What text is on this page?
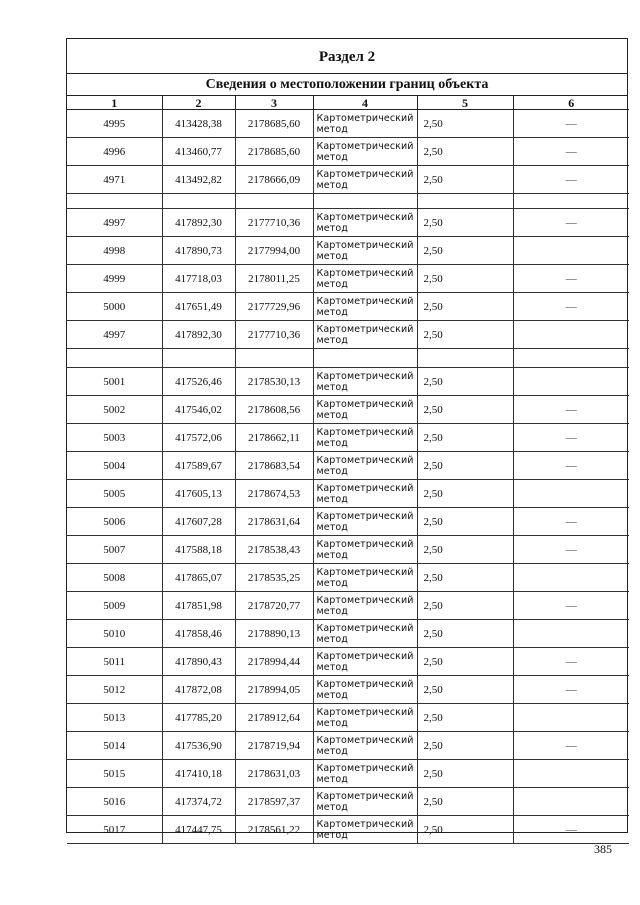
Раздел 2
Сведения о местоположении границ объекта
1	2	3	4	5	6
4995	413428,38	2178685,60	Картометрический метод	2,50	—
4996	413460,77	2178685,60	Картометрический метод	2,50	—
4971	413492,82	2178666,09	Картометрический метод	2,50	—

4997	417892,30	2177710,36	Картометрический метод	2,50	—
4998	417890,73	2177994,00	Картометрический метод	2,50	
4999	417718,03	2178011,25	Картометрический метод	2,50	—
5000	417651,49	2177729,96	Картометрический метод	2,50	—
4997	417892,30	2177710,36	Картометрический метод	2,50	

5001	417526,46	2178530,13	Картометрический метод	2,50	
5002	417546,02	2178608,56	Картометрический метод	2,50	—
5003	417572,06	2178662,11	Картометрический метод	2,50	—
5004	417589,67	2178683,54	Картометрический метод	2,50	—
5005	417605,13	2178674,53	Картометрический метод	2,50	
5006	417607,28	2178631,64	Картометрический метод	2,50	—
5007	417588,18	2178538,43	Картометрический метод	2,50	—
5008	417865,07	2178535,25	Картометрический метод	2,50	
5009	417851,98	2178720,77	Картометрический метод	2,50	—
5010	417858,46	2178890,13	Картометрический метод	2,50	
5011	417890,43	2178994,44	Картометрический метод	2,50	—
5012	417872,08	2178994,05	Картометрический метод	2,50	—
5013	417785,20	2178912,64	Картометрический метод	2,50	
5014	417536,90	2178719,94	Картометрический метод	2,50	—
5015	417410,18	2178631,03	Картометрический метод	2,50	
5016	417374,72	2178597,37	Картометрический метод	2,50	
5017	417447,75	2178561,22	Картометрический метод	2,50	—
385
